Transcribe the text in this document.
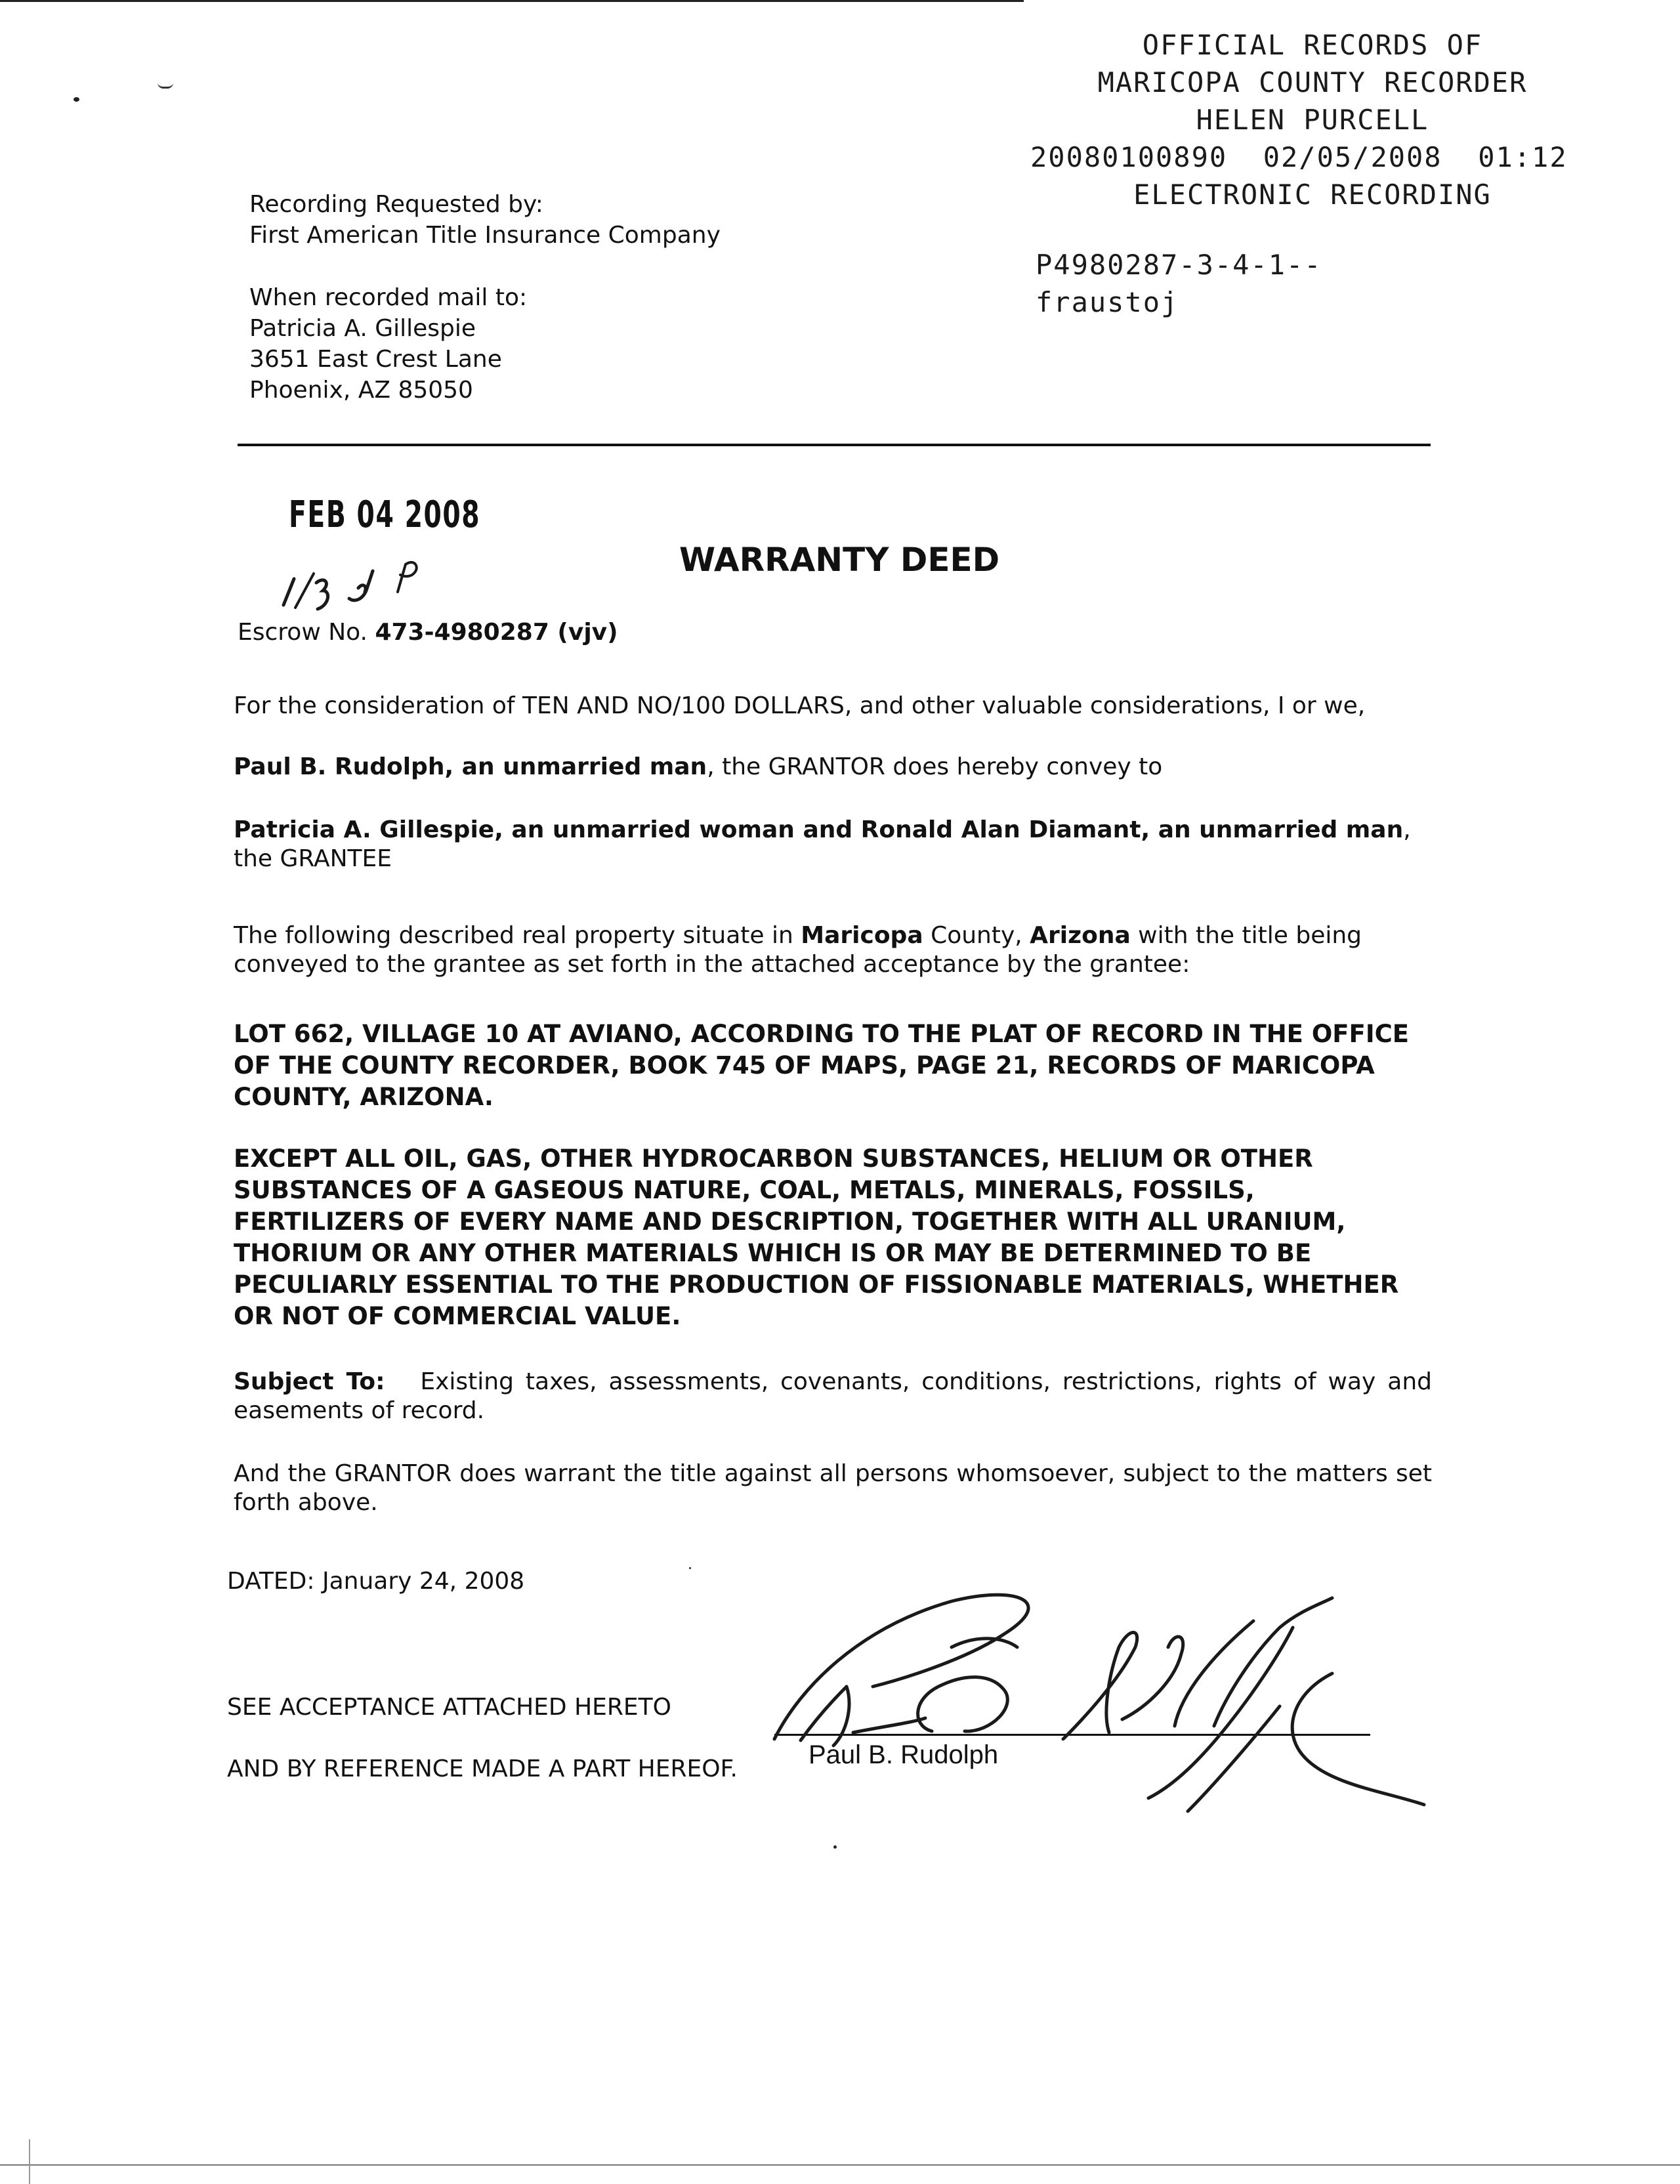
OFFICIAL RECORDS OF
MARICOPA COUNTY RECORDER
HELEN PURCELL
20080100890 02/05/2008 01:12
ELECTRONIC RECORDING
P4980287-3-4-1--
fraustoj
Recording Requested by:
First American Title Insurance Company
When recorded mail to:
Patricia A. Gillespie
3651 East Crest Lane
Phoenix, AZ 85050
FEB 04 2008
WARRANTY DEED
Escrow No. 473-4980287 (vjv)
For the consideration of TEN AND NO/100 DOLLARS, and other valuable considerations, I or we,
Paul B. Rudolph, an unmarried man, the GRANTOR does hereby convey to
Patricia A. Gillespie, an unmarried woman and Ronald Alan Diamant, an unmarried man, the GRANTEE
The following described real property situate in Maricopa County, Arizona with the title being conveyed to the grantee as set forth in the attached acceptance by the grantee:
LOT 662, VILLAGE 10 AT AVIANO, ACCORDING TO THE PLAT OF RECORD IN THE OFFICE OF THE COUNTY RECORDER, BOOK 745 OF MAPS, PAGE 21, RECORDS OF MARICOPA COUNTY, ARIZONA.
EXCEPT ALL OIL, GAS, OTHER HYDROCARBON SUBSTANCES, HELIUM OR OTHER SUBSTANCES OF A GASEOUS NATURE, COAL, METALS, MINERALS, FOSSILS, FERTILIZERS OF EVERY NAME AND DESCRIPTION, TOGETHER WITH ALL URANIUM, THORIUM OR ANY OTHER MATERIALS WHICH IS OR MAY BE DETERMINED TO BE PECULIARLY ESSENTIAL TO THE PRODUCTION OF FISSIONABLE MATERIALS, WHETHER OR NOT OF COMMERCIAL VALUE.
Subject To: Existing taxes, assessments, covenants, conditions, restrictions, rights of way and easements of record.
And the GRANTOR does warrant the title against all persons whomsoever, subject to the matters set forth above.
DATED: January 24, 2008
SEE ACCEPTANCE ATTACHED HERETO
AND BY REFERENCE MADE A PART HEREOF.	Paul B. Rudolph
